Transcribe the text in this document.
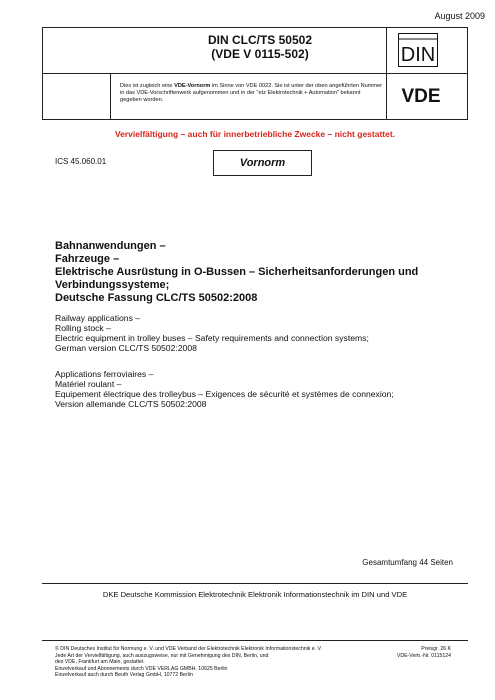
August 2009
DIN CLC/TS 50502
(VDE V 0115-502)
Dies ist zugleich eine VDE-Vornorm im Sinne von VDE 0022. Sie ist unter der oben angeführten Nummer in das VDE-Vorschriftenwerk aufgenommen und in der "etz Elektrotechnik + Automation" bekannt gegeben worden.
DIN
VDE
Vervielfältigung – auch für innerbetriebliche Zwecke – nicht gestattet.
ICS 45.060.01	Vornorm
Bahnanwendungen –
Fahrzeuge –
Elektrische Ausrüstung in O-Bussen – Sicherheitsanforderungen und
Verbindungssysteme;
Deutsche Fassung CLC/TS 50502:2008
Railway applications –
Rolling stock –
Electric equipment in trolley buses – Safety requirements and connection systems;
German version CLC/TS 50502:2008
Applications ferroviaires –
Matériel roulant –
Equipement électrique des trolleybus – Exigences de sécurité et systèmes de connexion;
Version allemande CLC/TS 50502:2008
Gesamtumfang 44 Seiten
DKE Deutsche Kommission Elektrotechnik Elektronik Informationstechnik im DIN und VDE
© DIN Deutsches Institut für Normung e. V. und VDE Verband der Elektrotechnik Elektronik Informationstechnik e. V.
Jede Art der Vervielfältigung, auch auszugsweise, nur mit Genehmigung des DIN, Berlin, und
des VDE, Frankfurt am Main, gestattet.
Einzelverkauf und Abonnements durch VDE VERLAG GMBH, 10625 Berlin
Einzelverkauf auch durch Beuth Verlag GmbH, 10772 Berlin
Preisgr. 26 K
VDE-Vertr.-Nr. 0115124
